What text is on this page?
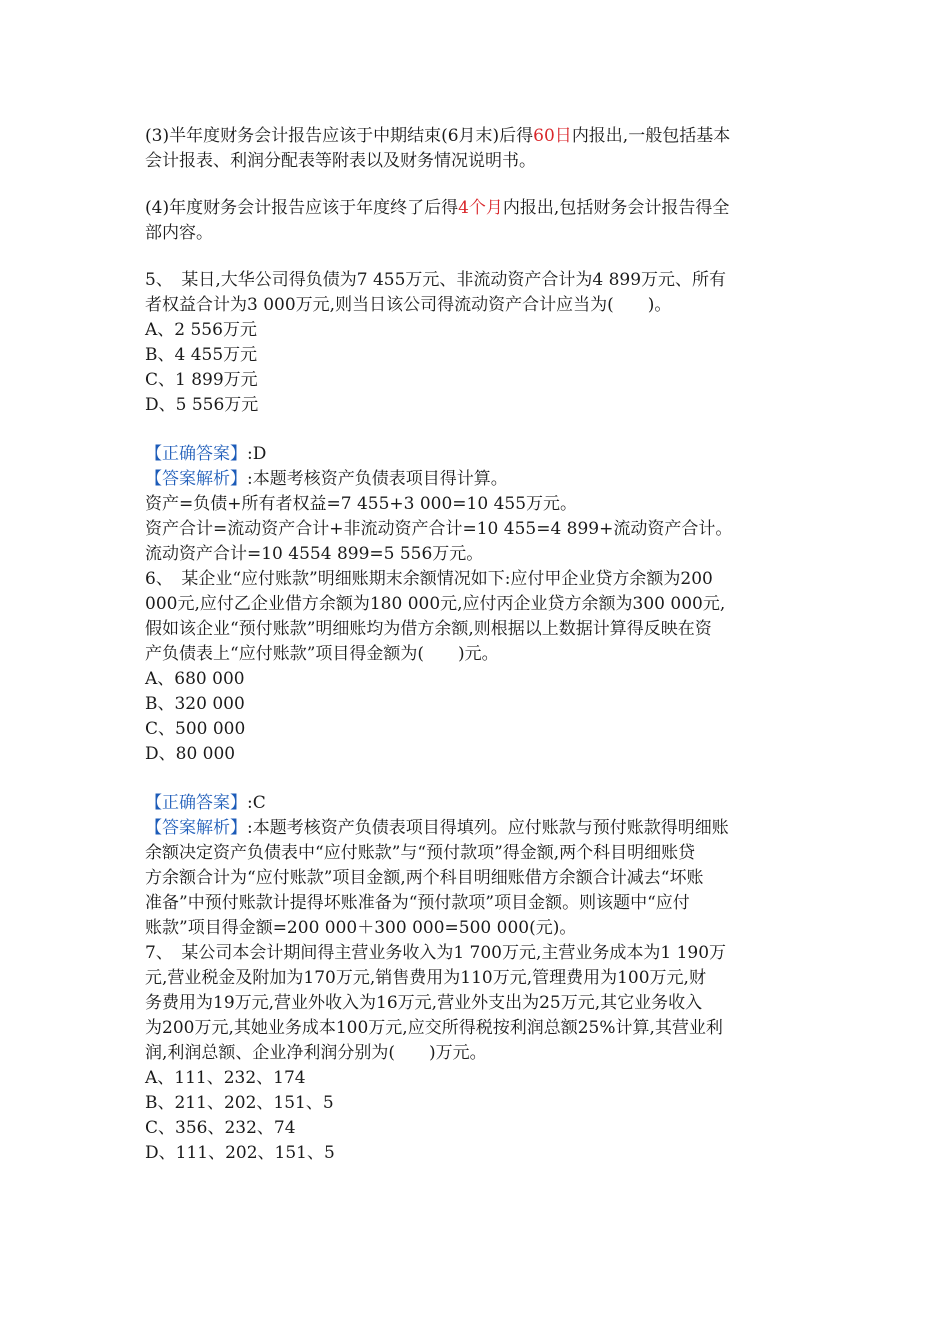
(3)半年度财务会计报告应该于中期结束(6月末)后得60日内报出,一般包括基本
会计报表、利润分配表等附表以及财务情况说明书。
(4)年度财务会计报告应该于年度终了后得4个月内报出,包括财务会计报告得全
部内容。
5、　某日,大华公司得负债为7 455万元、非流动资产合计为4 899万元、所有
者权益合计为3 000万元,则当日该公司得流动资产合计应当为(　　)。
A、2 556万元
B、4 455万元
C、1 899万元
D、5 556万元
【正确答案】:D
【答案解析】:本题考核资产负债表项目得计算。
资产=负债+所有者权益=7 455+3 000=10 455万元。
资产合计=流动资产合计+非流动资产合计=10 455=4 899+流动资产合计。
流动资产合计=10 4554 899=5 556万元。
6、　某企业“应付账款”明细账期末余额情况如下:应付甲企业贷方余额为200
000元,应付乙企业借方余额为180 000元,应付丙企业贷方余额为300 000元,
假如该企业“预付账款”明细账均为借方余额,则根据以上数据计算得反映在资
产负债表上“应付账款”项目得金额为(　　)元。
A、680 000
B、320 000
C、500 000
D、80 000
【正确答案】:C
【答案解析】:本题考核资产负债表项目得填列。应付账款与预付账款得明细账
余额决定资产负债表中“应付账款”与“预付款项”得金额,两个科目明细账贷
方余额合计为“应付账款”项目金额,两个科目明细账借方余额合计减去“坏账
准备”中预付账款计提得坏账准备为“预付款项”项目金额。则该题中“应付
账款”项目得金额=200 000＋300 000=500 000(元)。
7、　某公司本会计期间得主营业务收入为1 700万元,主营业务成本为1 190万
元,营业税金及附加为170万元,销售费用为110万元,管理费用为100万元,财
务费用为19万元,营业外收入为16万元,营业外支出为25万元,其它业务收入
为200万元,其她业务成本100万元,应交所得税按利润总额25%计算,其营业利
润,利润总额、企业净利润分别为(　　)万元。
A、111、232、174
B、211、202、151、5
C、356、232、74
D、111、202、151、5
